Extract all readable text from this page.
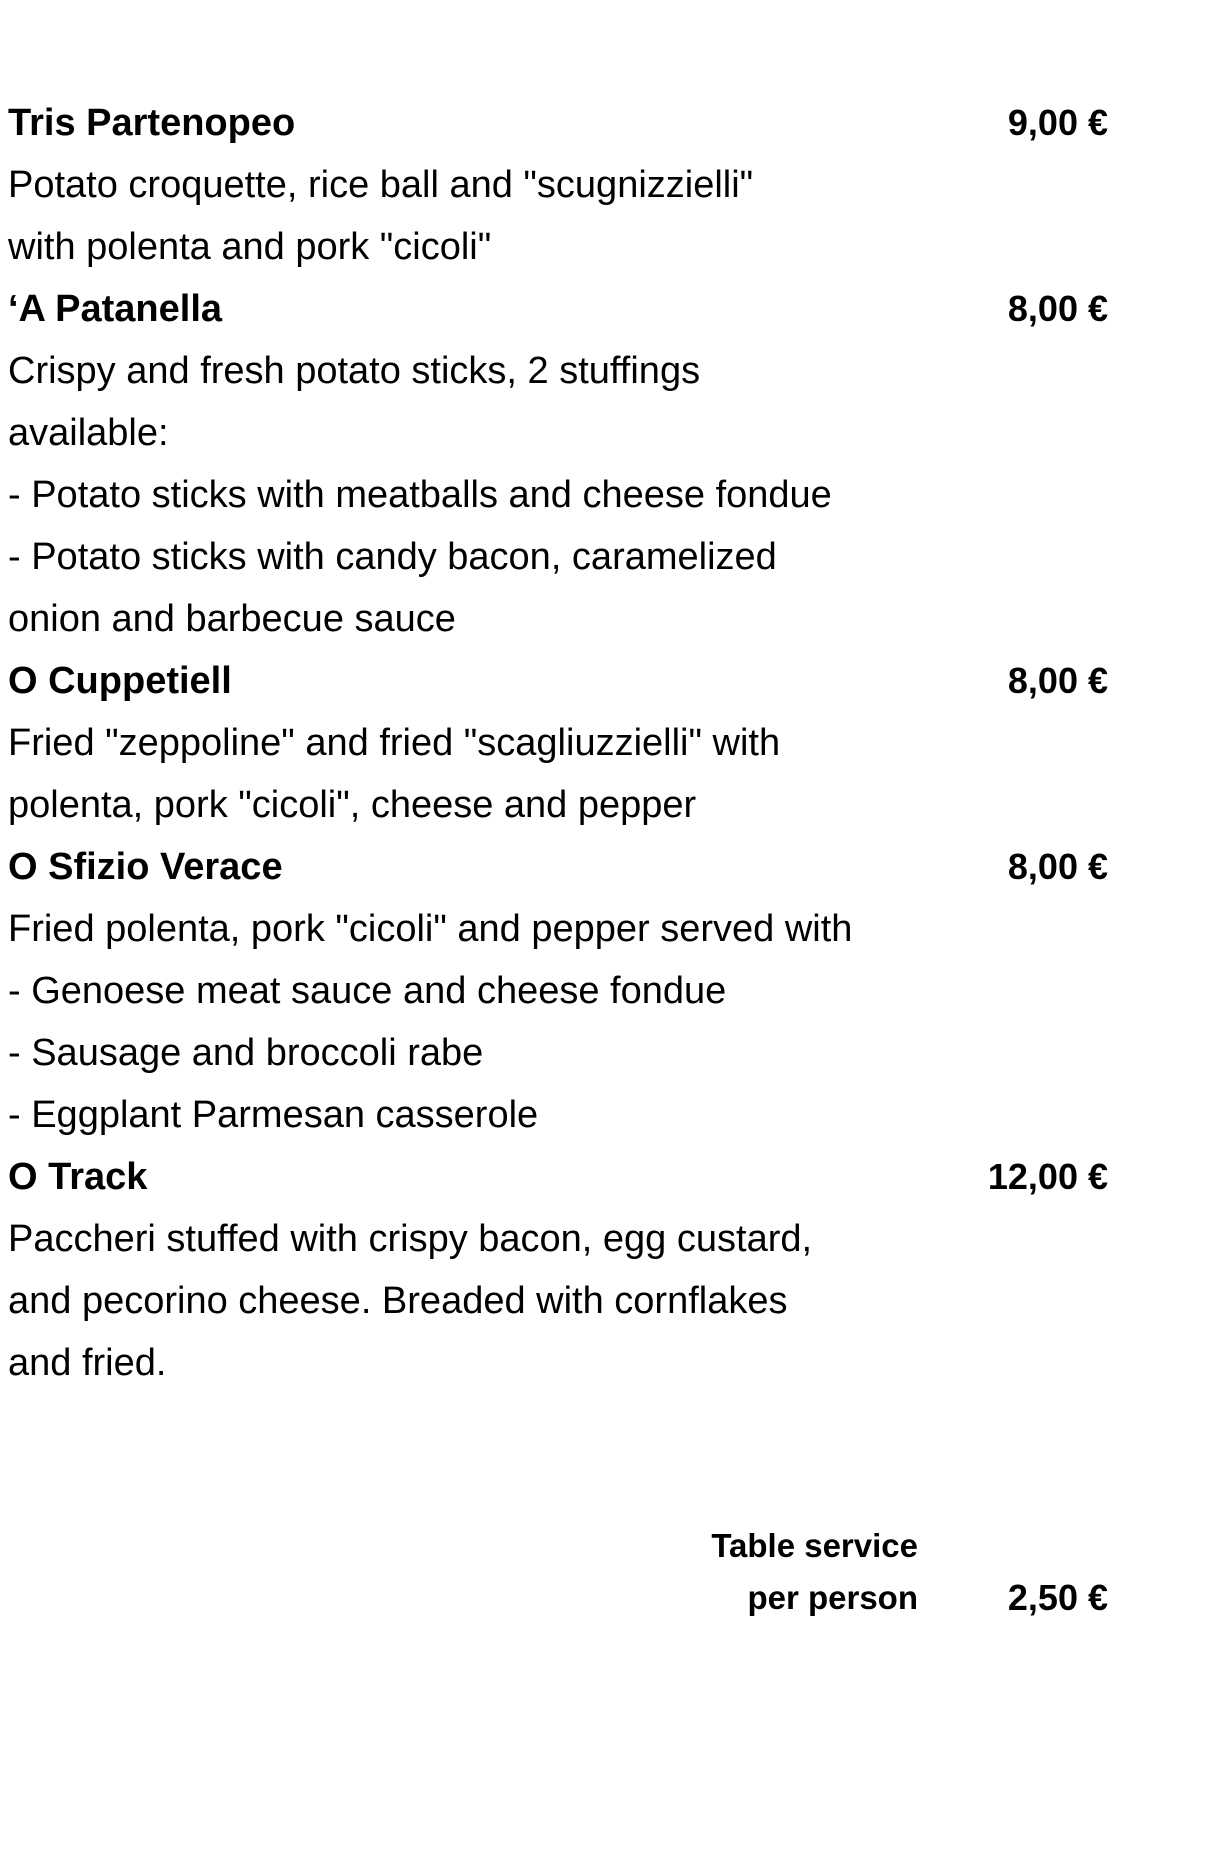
Tris Partenopeo	9,00 €
Potato croquette, rice ball and "scugnizzielli"
with polenta and pork "cicoli"
‘A Patanella	8,00 €
Crispy and fresh potato sticks, 2 stuffings
available:
- Potato sticks with meatballs and cheese fondue
- Potato sticks with candy bacon, caramelized
onion and barbecue sauce
O Cuppetiell	8,00 €
Fried "zeppoline" and fried "scagliuzzielli" with
polenta, pork "cicoli", cheese and pepper
O Sfizio Verace	8,00 €
Fried polenta, pork "cicoli" and pepper served with
- Genoese meat sauce and cheese fondue
- Sausage and broccoli rabe
- Eggplant Parmesan casserole
O Track	12,00 €
Paccheri stuffed with crispy bacon, egg custard,
and pecorino cheese. Breaded with cornflakes
and fried.
Table service
per person 2,50 €
